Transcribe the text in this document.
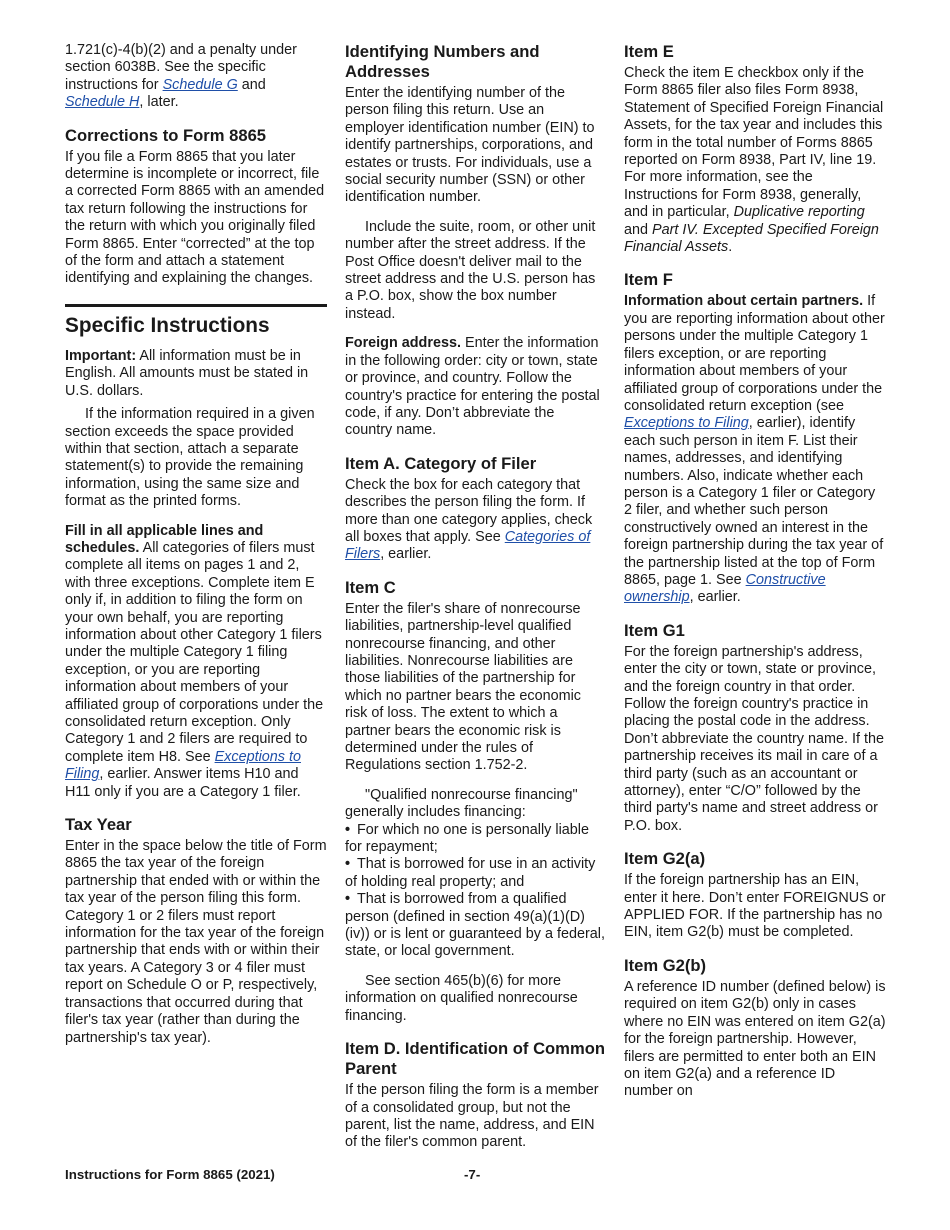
1.721(c)-4(b)(2) and a penalty under section 6038B. See the specific instructions for Schedule G and Schedule H, later.

Corrections to Form 8865

If you file a Form 8865 that you later determine is incomplete or incorrect, file a corrected Form 8865 with an amended tax return following the instructions for the return with which you originally filed Form 8865. Enter “corrected” at the top of the form and attach a statement identifying and explaining the changes.

Specific Instructions

Important: All information must be in English. All amounts must be stated in U.S. dollars.

If the information required in a given section exceeds the space provided within that section, attach a separate statement(s) to provide the remaining information, using the same size and format as the printed forms.

Fill in all applicable lines and schedules. All categories of filers must complete all items on pages 1 and 2, with three exceptions. Complete item E only if, in addition to filing the form on your own behalf, you are reporting information about other Category 1 filers under the multiple Category 1 filing exception, or you are reporting information about members of your affiliated group of corporations under the consolidated return exception. Only Category 1 and 2 filers are required to complete item H8. See Exceptions to Filing, earlier. Answer items H10 and H11 only if you are a Category 1 filer.

Tax Year

Enter in the space below the title of Form 8865 the tax year of the foreign partnership that ended with or within the tax year of the person filing this form. Category 1 or 2 filers must report information for the tax year of the foreign partnership that ends with or within their tax years. A Category 3 or 4 filer must report on Schedule O or P, respectively, transactions that occurred during that filer's tax year (rather than during the partnership's tax year).

Identifying Numbers and Addresses

Enter the identifying number of the person filing this return. Use an employer identification number (EIN) to identify partnerships, corporations, and estates or trusts. For individuals, use a social security number (SSN) or other identification number.

Include the suite, room, or other unit number after the street address. If the Post Office doesn't deliver mail to the street address and the U.S. person has a P.O. box, show the box number instead.

Foreign address. Enter the information in the following order: city or town, state or province, and country. Follow the country's practice for entering the postal code, if any. Don’t abbreviate the country name.

Item A. Category of Filer

Check the box for each category that describes the person filing the form. If more than one category applies, check all boxes that apply. See Categories of Filers, earlier.

Item C

Enter the filer's share of nonrecourse liabilities, partnership-level qualified nonrecourse financing, and other liabilities. Nonrecourse liabilities are those liabilities of the partnership for which no partner bears the economic risk of loss. The extent to which a partner bears the economic risk is determined under the rules of Regulations section 1.752-2.

"Qualified nonrecourse financing" generally includes financing:

• For which no one is personally liable for repayment;
• That is borrowed for use in an activity of holding real property; and
• That is borrowed from a qualified person (defined in section 49(a)(1)(D)(iv)) or is lent or guaranteed by a federal, state, or local government.

See section 465(b)(6) for more information on qualified nonrecourse financing.

Item D. Identification of Common Parent

If the person filing the form is a member of a consolidated group, but not the parent, list the name, address, and EIN of the filer's common parent.

Item E

Check the item E checkbox only if the Form 8865 filer also files Form 8938, Statement of Specified Foreign Financial Assets, for the tax year and includes this form in the total number of Forms 8865 reported on Form 8938, Part IV, line 19. For more information, see the Instructions for Form 8938, generally, and in particular, Duplicative reporting and Part IV. Excepted Specified Foreign Financial Assets.

Item F

Information about certain partners. If you are reporting information about other persons under the multiple Category 1 filers exception, or are reporting information about members of your affiliated group of corporations under the consolidated return exception (see Exceptions to Filing, earlier), identify each such person in item F. List their names, addresses, and identifying numbers. Also, indicate whether each person is a Category 1 filer or Category 2 filer, and whether such person constructively owned an interest in the foreign partnership during the tax year of the partnership listed at the top of Form 8865, page 1. See Constructive ownership, earlier.

Item G1

For the foreign partnership's address, enter the city or town, state or province, and the foreign country in that order. Follow the foreign country's practice in placing the postal code in the address. Don’t abbreviate the country name. If the partnership receives its mail in care of a third party (such as an accountant or attorney), enter “C/O” followed by the third party's name and street address or P.O. box.

Item G2(a)

If the foreign partnership has an EIN, enter it here. Don’t enter FOREIGNUS or APPLIED FOR. If the partnership has no EIN, item G2(b) must be completed.

Item G2(b)

A reference ID number (defined below) is required on item G2(b) only in cases where no EIN was entered on item G2(a) for the foreign partnership. However, filers are permitted to enter both an EIN on item G2(a) and a reference ID number on

Instructions for Form 8865 (2021)	-7-
